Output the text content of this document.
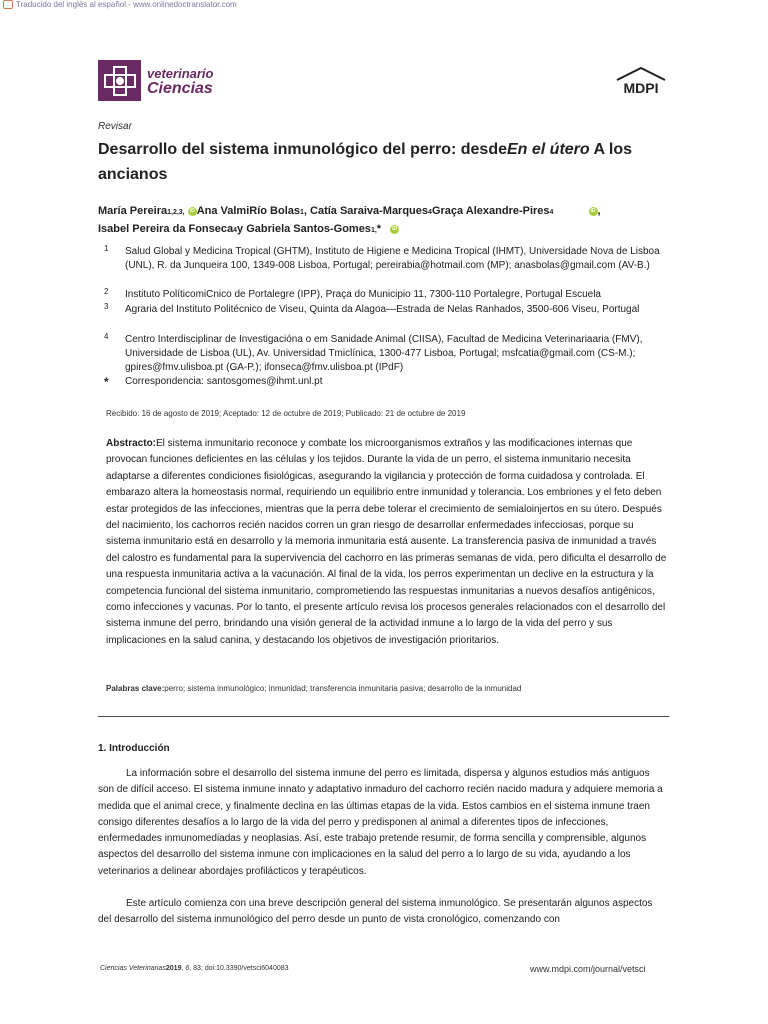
Traducido del inglés al español - www.onlinedoctranslator.com
veterinario
Ciencias	MDPI
Revisar
Desarrollo del sistema inmunológico del perro: desdeEn el útero A los ancianos
María Pereira1,2,3, iD Ana ValmiRío Bolas1, Catía Saraiva-Marques4Graça Alexandre-Pires4	iD ,
Isabel Pereira da Fonseca4y Gabriela Santos-Gomes1,* iD
1 Salud Global y Medicina Tropical (GHTM), Instituto de Higiene e Medicina Tropical (IHMT), Universidade Nova de Lisboa (UNL), R. da Junqueira 100, 1349-008 Lisboa, Portugal; pereirabia@hotmail.com (MP); anasbolas@gmail.com (AV-B.)
2 Instituto PolíticomiCnico de Portalegre (IPP), Praça do Municipio 11, 7300-110 Portalegre, Portugal Escuela
3 Agraria del Instituto Politécnico de Viseu, Quinta da Alagoa—Estrada de Nelas Ranhados, 3500-606 Viseu, Portugal
4 Centro Interdisciplinar de Investigacióna o em Sanidade Animal (CIISA), Facultad de Medicina Veterinariaaria (FMV), Universidade de Lisboa (UL), Av. Universidad Tmiclínica, 1300-477 Lisboa, Portugal; msfcatia@gmail.com (CS-M.); gpires@fmv.ulisboa.pt (GA-P.); ifonseca@fmv.ulisboa.pt (IPdF)
* Correspondencia: santosgomes@ihmt.unl.pt
Recibido: 16 de agosto de 2019; Aceptado: 12 de octubre de 2019; Publicado: 21 de octubre de 2019
Abstracto:El sistema inmunitario reconoce y combate los microorganismos extraños y las modificaciones internas que provocan funciones deficientes en las células y los tejidos. Durante la vida de un perro, el sistema inmunitario necesita adaptarse a diferentes condiciones fisiológicas, asegurando la vigilancia y protección de forma cuidadosa y controlada. El embarazo altera la homeostasis normal, requiriendo un equilibrio entre inmunidad y tolerancia. Los embriones y el feto deben estar protegidos de las infecciones, mientras que la perra debe tolerar el crecimiento de semialoinjertos en su útero. Después del nacimiento, los cachorros recién nacidos corren un gran riesgo de desarrollar enfermedades infecciosas, porque su sistema inmunitario está en desarrollo y la memoria inmunitaria está ausente. La transferencia pasiva de inmunidad a través del calostro es fundamental para la supervivencia del cachorro en las primeras semanas de vida, pero dificulta el desarrollo de una respuesta inmunitaria activa a la vacunación. Al final de la vida, los perros experimentan un declive en la estructura y la competencia funcional del sistema inmunitario, comprometiendo las respuestas inmunitarias a nuevos desafíos antigénicos, como infecciones y vacunas. Por lo tanto, el presente artículo revisa los procesos generales relacionados con el desarrollo del sistema inmune del perro, brindando una visión general de la actividad inmune a lo largo de la vida del perro y sus implicaciones en la salud canina, y destacando los objetivos de investigación prioritarios.
Palabras clave:perro; sistema inmunológico; inmunidad; transferencia inmunitaria pasiva; desarrollo de la inmunidad
1. Introducción
La información sobre el desarrollo del sistema inmune del perro es limitada, dispersa y algunos estudios más antiguos son de difícil acceso. El sistema inmune innato y adaptativo inmaduro del cachorro recién nacido madura y adquiere memoria a medida que el animal crece, y finalmente declina en las últimas etapas de la vida. Estos cambios en el sistema inmune traen consigo diferentes desafíos a lo largo de la vida del perro y predisponen al animal a diferentes tipos de infecciones, enfermedades inmunomediadas y neoplasias. Así, este trabajo pretende resumir, de forma sencilla y comprensible, algunos aspectos del desarrollo del sistema inmune con implicaciones en la salud del perro a lo largo de su vida, ayudando a los veterinarios a delinear abordajes profilácticos y terapéuticos.
Este artículo comienza con una breve descripción general del sistema inmunológico. Se presentarán algunos aspectos del desarrollo del sistema inmunológico del perro desde un punto de vista cronológico, comenzando con
Ciencias Veterinarias2019, 6, 83; doi:10.3390/vetsci6040083	www.mdpi.com/journal/vetsci
